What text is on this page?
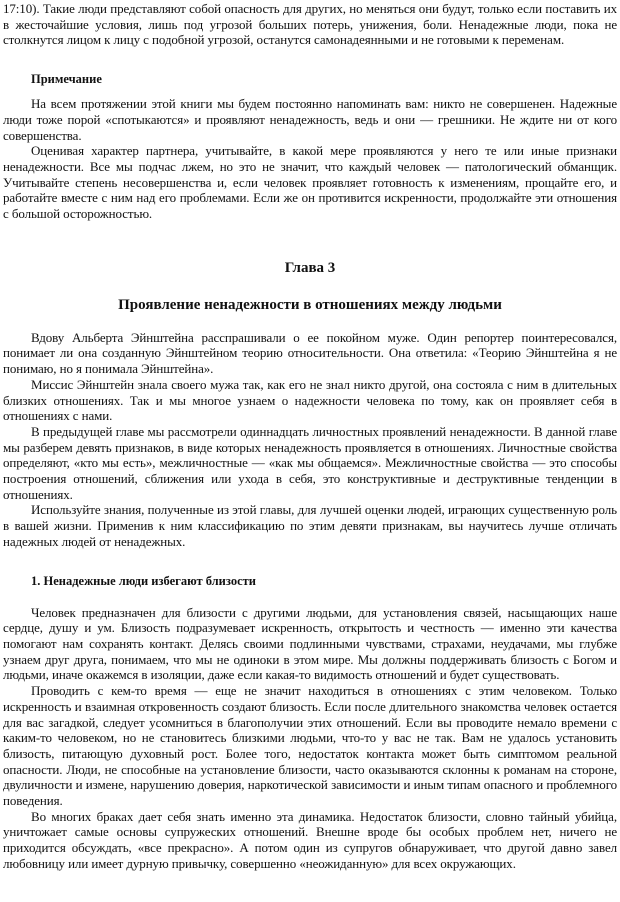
17:10). Такие люди представляют собой опасность для других, но меняться они будут, только если поставить их в жесточайшие условия, лишь под угрозой больших потерь, унижения, боли. Ненадежные люди, пока не столкнутся лицом к лицу с подобной угрозой, останутся самонадеянными и не готовыми к переменам.

Примечание

На всем протяжении этой книги мы будем постоянно напоминать вам: никто не совершенен. Надежные люди тоже порой «спотыкаются» и проявляют ненадежность, ведь и они — грешники. Не ждите ни от кого совершенства.

Оценивая характер партнера, учитывайте, в какой мере проявляются у него те или иные признаки ненадежности. Все мы подчас лжем, но это не значит, что каждый человек — патологический обманщик. Учитывайте степень несовершенства и, если человек проявляет готовность к изменениям, прощайте его, и работайте вместе с ним над его проблемами. Если же он противится искренности, продолжайте эти отношения с большой осторожностью.

Глава 3
Проявление ненадежности в отношениях между людьми

Вдову Альберта Эйнштейна расспрашивали о ее покойном муже. Один репортер поинтересовался, понимает ли она созданную Эйнштейном теорию относительности. Она ответила: «Теорию Эйнштейна я не понимаю, но я понимала Эйнштейна».

Миссис Эйнштейн знала своего мужа так, как его не знал никто другой, она состояла с ним в длительных близких отношениях. Так и мы многое узнаем о надежности человека по тому, как он проявляет себя в отношениях с нами.

В предыдущей главе мы рассмотрели одиннадцать личностных проявлений ненадежности. В данной главе мы разберем девять признаков, в виде которых ненадежность проявляется в отношениях. Личностные свойства определяют, «кто мы есть», межличностные — «как мы общаемся». Межличностные свойства — это способы построения отношений, сближения или ухода в себя, это конструктивные и деструктивные тенденции в отношениях.

Используйте знания, полученные из этой главы, для лучшей оценки людей, играющих существенную роль в вашей жизни. Применив к ним классификацию по этим девяти признакам, вы научитесь лучше отличать надежных людей от ненадежных.

1. Ненадежные люди избегают близости

Человек предназначен для близости с другими людьми, для установления связей, насыщающих наше сердце, душу и ум. Близость подразумевает искренность, открытость и честность — именно эти качества помогают нам сохранять контакт. Делясь своими подлинными чувствами, страхами, неудачами, мы глубже узнаем друг друга, понимаем, что мы не одиноки в этом мире. Мы должны поддерживать близость с Богом и людьми, иначе окажемся в изоляции, даже если какая-то видимость отношений и будет существовать.

Проводить с кем-то время — еще не значит находиться в отношениях с этим человеком. Только искренность и взаимная откровенность создают близость. Если после длительного знакомства человек остается для вас загадкой, следует усомниться в благополучии этих отношений. Если вы проводите немало времени с каким-то человеком, но не становитесь близкими людьми, что-то у вас не так. Вам не удалось установить близость, питающую духовный рост. Более того, недостаток контакта может быть симптомом реальной опасности. Люди, не способные на установление близости, часто оказываются склонны к романам на стороне, двуличности и измене, нарушению доверия, наркотической зависимости и иным типам опасного и проблемного поведения.

Во многих браках дает себя знать именно эта динамика. Недостаток близости, словно тайный убийца, уничтожает самые основы супружеских отношений. Внешне вроде бы особых проблем нет, ничего не приходится обсуждать, «все прекрасно». А потом один из супругов обнаруживает, что другой давно завел любовницу или имеет дурную привычку, совершенно «неожиданную» для всех окружающих.
